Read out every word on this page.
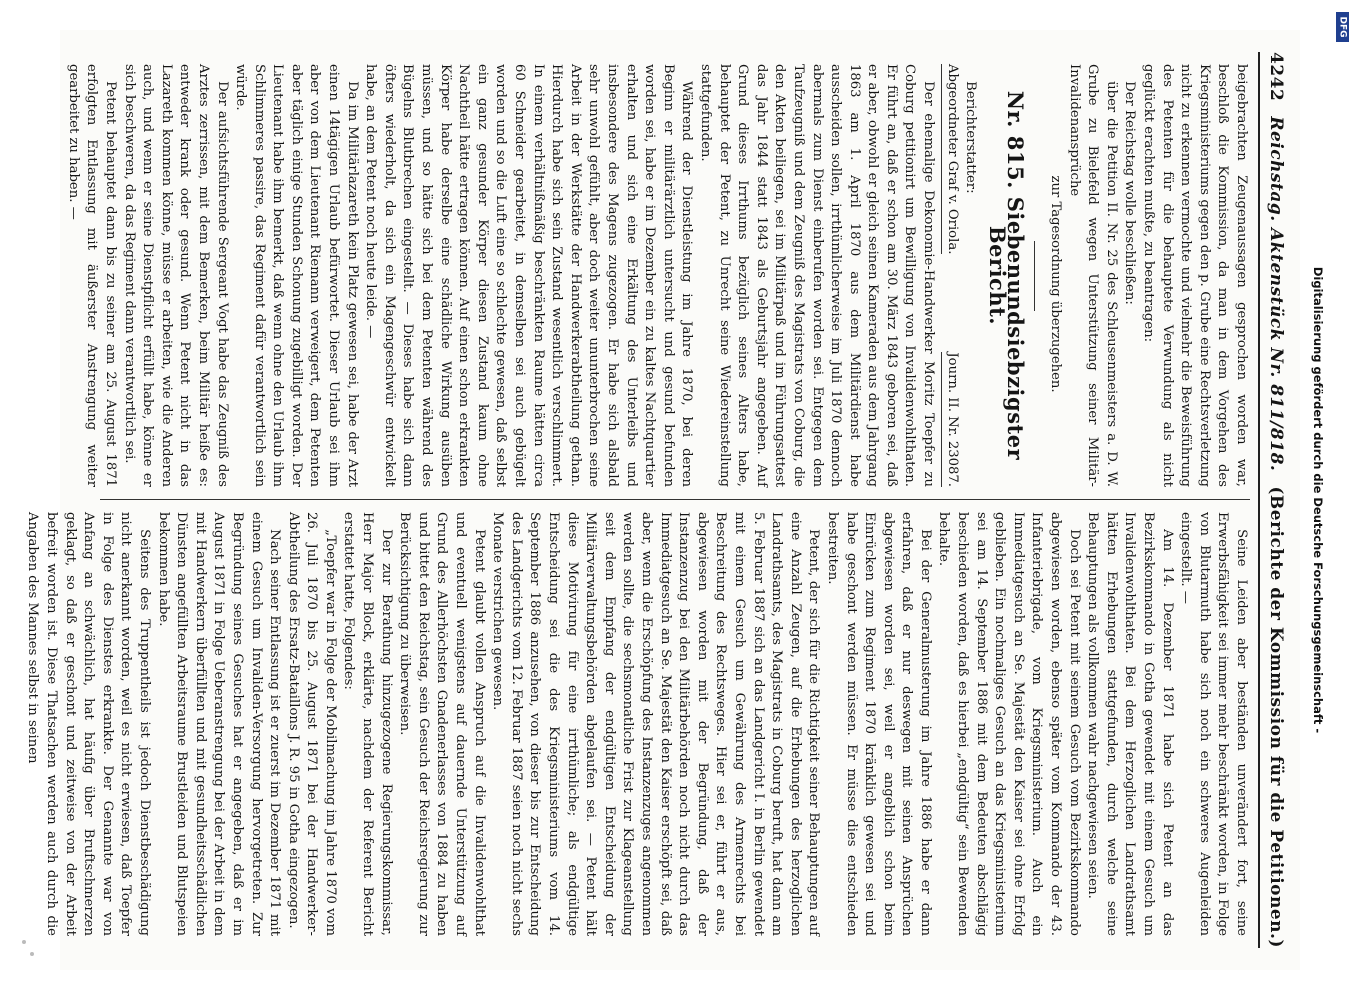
4242
Reichstag. Aktenstück Nr. 811/818.
(Berichte der Kommission für die Petitionen.)

beigebrachten Zeugenaussagen gesprochen worden war, beschloß die Kommission, da man in dem Vorgehen des Kriegsministeriums gegen den p. Grube eine Rechtsverletzung nicht zu erkennen vermochte und vielmehr die Beweisführung des Petenten für die behauptete Verwundung als nicht geglückt erachten mußte, zu beantragen:

Der Reichstag wolle beschließen:

über die Petition II. Nr. 25 des Schleusenmeisters a. D. W. Grube zu Bielefeld wegen Unterstützung seiner Militär-Invalidenansprüche

zur Tagesordnung überzugehen.

Nr. 815. Siebenundsiebzigster Bericht.

Berichterstatter:

Abgeordneter Graf v. Oriola.
Journ. II. Nr. 23087.

Der ehemalige Dekonomie-Handwerker Moritz Toepfer zu Coburg petitionirt um Bewilligung von Invalidenwohlthaten. Er führt an, daß er schon am 30. März 1843 geboren sei, daß er aber, obwohl er gleich seinen Kameraden aus dem Jahrgang 1863 am 1. April 1870 aus dem Militärdienst habe ausscheiden sollen, irrthümlicherweise im Juli 1870 dennoch abermals zum Dienst einberufen worden sei. Entgegen dem Taufzeugniß und dem Zeugniß des Magistrats von Coburg, die den Akten beiliegen, sei im Militärpaß und im Führungsattest das Jahr 1844 statt 1843 als Geburtsjahr angegeben. Auf Grund dieses Irrthums bezüglich seines Alters habe, behauptet der Petent, zu Unrecht seine Wiedereinstellung stattgefunden.

Während der Dienstleistung im Jahre 1870, bei deren Beginn er militärärztlich untersucht und gesund befunden worden sei, habe er im Dezember ein zu kaltes Nachtquartier erhalten und sich eine Erkältung des Unterleibs und insbesondere des Magens zugezogen. Er habe sich alsbald sehr unwohl gefühlt, aber doch weiter ununterbrochen seine Arbeit in der Werkstätte der Handwerkerabtheilung gethan. Hierdurch habe sich sein Zustand wesentlich verschlimmert. In einem verhältnißmäßig beschränkten Raume hätten circa 60 Schneider gearbeitet, in demselben sei auch gebügelt worden und so die Luft eine so schlechte gewesen, daß selbst ein ganz gesunder Körper diesen Zustand kaum ohne Nachtheil hätte ertragen können. Auf einen schon erkrankten Körper habe derselbe eine schädliche Wirkung ausüben müssen, und so hätte sich bei dem Petenten während des Bügelns Blutbrechen eingestellt. — Dieses habe sich dann öfters wiederholt, da sich ein Magengeschwür entwickelt habe, an dem Petent noch heute leide. —

Da im Militärlazareth kein Platz gewesen sei, habe der Arzt einen 14tägigen Urlaub befürwortet. Dieser Urlaub sei ihm aber von dem Lieutenant Riemann verweigert, dem Petenten aber täglich einige Stunden Schonung zugebilligt worden. Der Lieutenant habe ihm bemerkt, daß wenn ohne den Urlaub ihm Schlimmeres passire, das Regiment dafür verantwortlich sein würde.

Der aufsichtsführende Sergeant Vogt habe das Zeugniß des Arztes zerrissen, mit dem Bemerken, beim Militär heiße es: entweder krank oder gesund. Wenn Petent nicht in das Lazareth kommen könne, müsse er arbeiten, wie die Anderen auch, und wenn er seine Dienstpflicht erfüllt habe, könne er sich beschweren, da das Regiment dann verantwortlich sei.

Petent behauptet dann bis zu seiner am 25. August 1871 erfolgten Entlassung mit äußerster Anstrengung weiter gearbeitet zu haben. —

Seine Leiden aber beständen unverändert fort, seine Erwerbsfähigkeit sei immer mehr beschränkt worden, in Folge von Blutarmuth habe sich noch ein schweres Augenleiden eingestellt. —

Am 14. Dezember 1871 habe sich Petent an das Bezirkskommando in Gotha gewendet mit einem Gesuch um Invalidenwohlthaten. Bei dem Herzoglichen Landrathsamt hätten Erhebungen stattgefunden, durch welche seine Behauptungen als vollkommen wahr nachgewiesen seien.

Doch sei Petent mit seinem Gesuch vom Bezirkskommando abgewiesen worden, ebenso später vom Kommando der 43. Infanteriebrigade, vom Kriegsministerium. Auch ein Immediatgesuch an Se. Majestät den Kaiser sei ohne Erfolg geblieben. Ein nochmaliges Gesuch an das Kriegsministerium sei am 14. September 1886 mit dem Bedeuten abschlägig beschieden worden, daß es hierbei „endgültig“ sein Bewenden behalte.

Bei der Generalmusterung im Jahre 1886 habe er dann erfahren, daß er nur deswegen mit seinen Ansprüchen abgewiesen worden sei, weil er angeblich schon beim Einrücken zum Regiment 1870 kränklich gewesen sei und habe geschont werden müssen. Er müsse dies entschieden bestreiten.

Petent, der sich für die Richtigkeit seiner Behauptungen auf eine Anzahl Zeugen, auf die Erhebungen des herzoglichen Landrathsamts, des Magistrats in Coburg beruft, hat dann am 5. Februar 1887 sich an das Landgericht I. in Berlin gewendet mit einem Gesuch um Gewährung des Armenrechts bei Beschreitung des Rechtsweges. Hier sei er, führt er aus, abgewiesen worden mit der Begründung, daß der Instanzenzug bei den Militärbehörden noch nicht durch das Immediatgesuch an Se. Majestät den Kaiser erschöpft sei, daß aber, wenn die Erschöpfung des Instanzenzuges angenommen werden sollte, die sechsmonatliche Frist zur Klageanstellung seit dem Empfang der endgültigen Entscheidung der Militärverwaltungsbehörden abgelaufen sei. — Petent hält diese Motivirung für eine irrthümliche; als endgültige Entscheidung sei die des Kriegsministeriums vom 14. September 1886 anzusehen, von dieser bis zur Entscheidung des Landgerichts vom 12. Februar 1887 seien noch nicht sechs Monate verstrichen gewesen.

Petent glaubt vollen Anspruch auf die Invalidenwohlthat und eventuell wenigstens auf dauernde Unterstützung auf Grund des Allerhöchsten Gnadenerlasses von 1884 zu haben und bittet den Reichstag, sein Gesuch der Reichsregierung zur Berücksichtigung zu überweisen.

Der zur Berathung hinzugezogene Regierungskommissar, Herr Major Block, erklärte, nachdem der Referent Bericht erstattet hatte, Folgendes:

„Toepfer war in Folge der Mobilmachung im Jahre 1870 vom 26. Juli 1870 bis 25. August 1871 bei der Handwerker-Abtheilung des Ersatz-Bataillons J. R. 95 in Gotha eingezogen.

Nach seiner Entlassung ist er zuerst im Dezember 1871 mit einem Gesuch um Invaliden-Versorgung hervorgetreten. Zur Begründung seines Gesuches hat er angegeben, daß er im August 1871 in Folge Ueberanstrengung bei der Arbeit in dem mit Handwerkern überfüllten und mit gesundheitsschädlichen Dünsten angefüllten Arbeitsraume Brustleiden und Blutspeien bekommen habe.

Seitens des Truppentheils ist jedoch Dienstbeschädigung nicht anerkannt worden, weil es nicht erwiesen, daß Toepfer in Folge des Dienstes erkrankte. Der Genannte war von Anfang an schwächlich, hat häufig über Bruftschmerzen geklagt, so daß er geschont und zeitweise von der Arbeit befreit worden ist. Diese Thatsachen werden auch durch die Angaben des Mannes selbst in seinen	Digitalisierung gefördert durch die Deutsche Forschungsgemeinschaft -
DFG
